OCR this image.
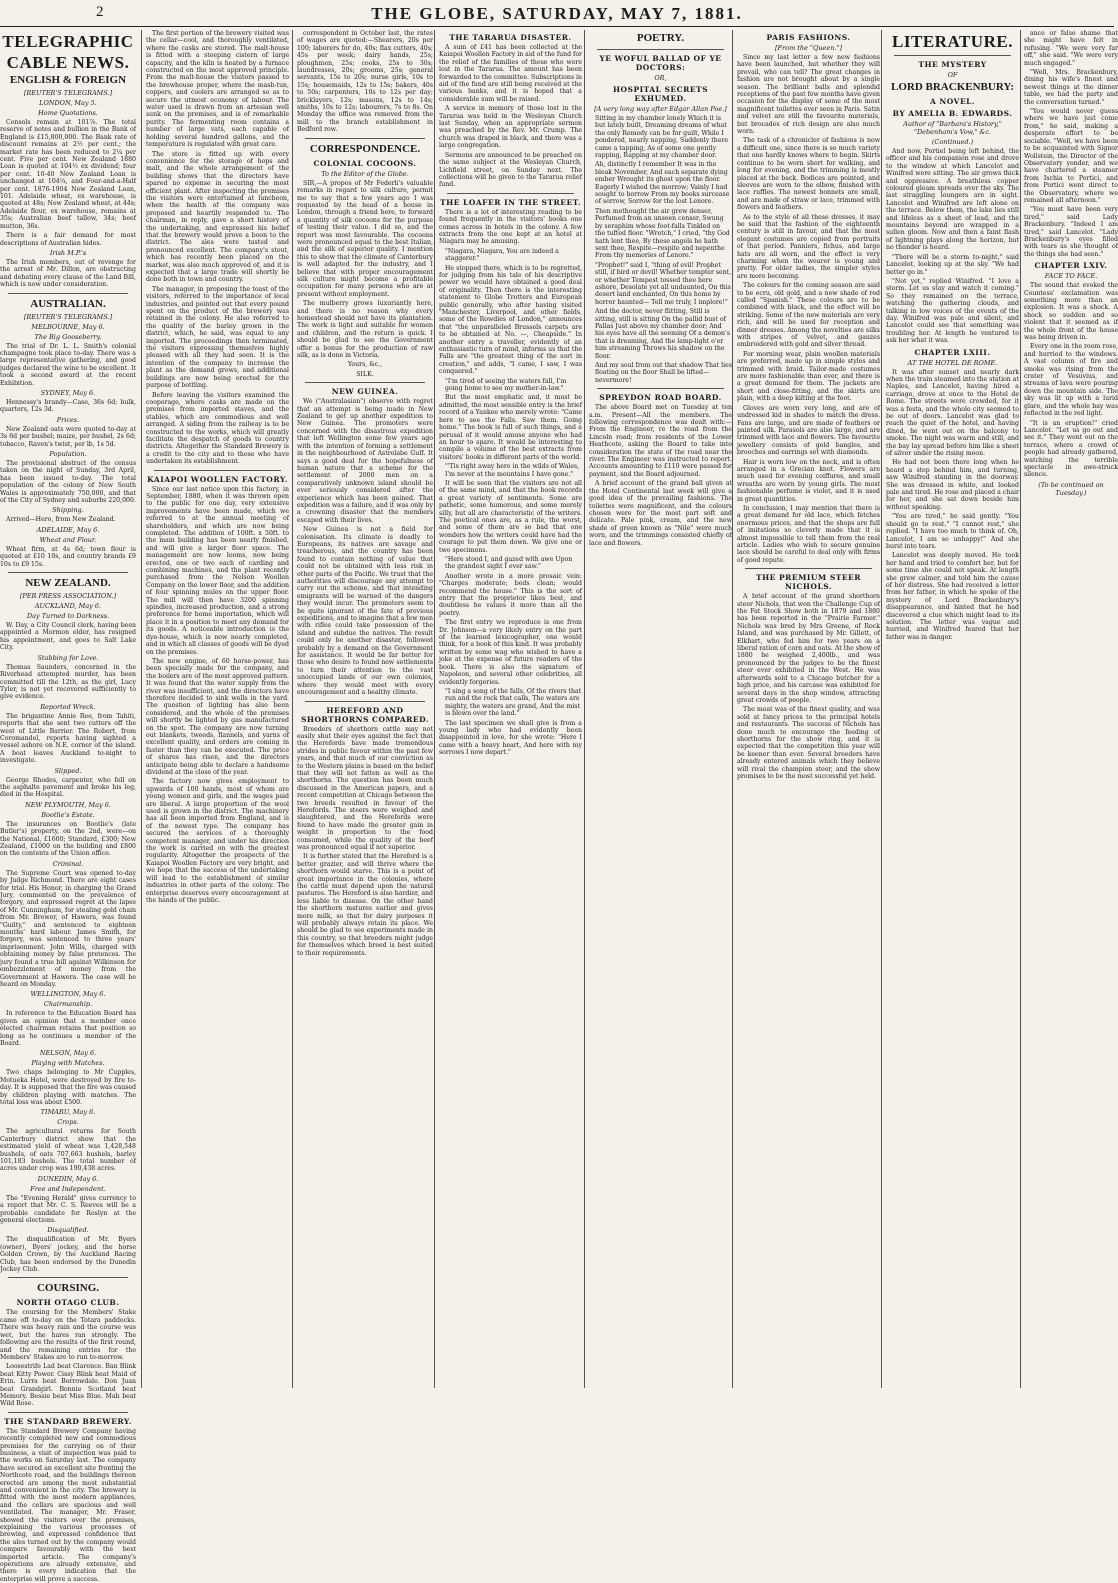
2	THE GLOBE, SATURDAY, MAY 7, 1881.
TELEGRAPHIC
CABLE NEWS.
ENGLISH & FOREIGN
[REUTER'S TELEGRAMS.]
LONDON, May 5.
Home Quotations.

Consols remain at 101⅞. The total reserve of notes and bullion in the Bank of England is £15,800,000. The Bank rate of discount remains at 2½ per cent.; the market rate has been reduced to 2¼ per cent. Five per cent. New Zealand 1880 Loan is quoted at 104½ ex dividend; four per cent. 10-40 New Zealand Loan is unchanged at 104¼, and Four-and-a-Half per cent. 1876-1904 New Zealand Loan, 101. Adelaide wheat, ex warehouse, is quoted at 48s; New Zealand wheat, at 44s; Adelaide flour, ex warehouse, remains at 35s; Australian beef tallow, 34s; beef mutton, 36s.

There is a fair demand for most descriptions of Australian hides.

Irish M.P.'s

The Irish members, out of revenge for the arrest of Mr. Dillon, are obstructing and debating every clause of the Land Bill, which is now under consideration.

AUSTRALIAN.
[REUTER'S TELEGRAMS.]
MELBOURNE, May 6.
The Big Gooseberry.

The trial of Dr. L. L. Smith's colonial champagne took place to-day. There was a large representative gathering, and good judges declared the wine to be excellent. It took a second award at the recent Exhibition.

SYDNEY, May 6.

Hennessy's brandy—Case, 36s 6d; bulk, quarters, 12s 3d.

Prices.

New Zealand oats were quoted to-day at 3s 6d per bushel; maize, per bushel, 2s 6d; tobacco, Raven's twist, per lb, 1s 5d.

Population.

The provisional abstract of the census taken on the night of Sunday, 3rd April, has been issued to-day. The total population of the colony of New South Wales is approximately 750,000, and that of the City of Sydney and suburbs 220,000.

Shipping.

Arrived—Hero, from New Zealand.

ADELAIDE, May 6.
Wheat and Flour.

Wheat firm, at 4s 6d; town flour is quoted at £10 10s, and country brands £9 10s to £9 15s.

NEW ZEALAND.
[PER PRESS ASSOCIATION.]
AUCKLAND, May 6.
Day Turned to Darkness.

W. Day, a City Council clerk, having been appointed a Mormon elder, has resigned his appointment, and goes to Salt Lake City.

Stabbing for Love.

Thomas Saunders, concerned in the Riverhead attempted murder, has been committed till the 12th, as the girl, Lucy Tyler, is not yet recovered sufficiently to give evidence.

Reported Wreck.

The brigantine Annie Ree, from Tahiti, reports that she sent two cutters off the west of Little Barrier. The Robert, from Coromandel, reports having sighted a vessel ashore on N.E. corner of the island. A boat leaves Auckland to-night to investigate.

Slipped.

George Rhodes, carpenter, who fell on the asphalte pavement and broke his leg, died in the Hospital.

NEW PLYMOUTH, May 6.
Bootlie's Estate.

The insurances on Bootlie's (late Butler's) property, on the 2nd, were—on the National, £1600; Standard, £300; New Zealand, £1000 on the building and £800 on the contents of the Union office.

Criminal.

The Supreme Court was opened to-day by Judge Richmond. There are eight cases for trial. His Honor, in charging the Grand Jury, commented on the prevalence of forgery, and expressed regret at the lapse of Mr. Cunningham, for stealing gold chain from Mr. Brewer, of Hawera, was found "Guilty," and sentenced to eighteen months' hard labour. James Smith, for forgery, was sentenced to three years' imprisonment. John Wills, charged with obtaining money by false pretences. The jury found a true bill against Wilkinson for embezzlement of money from the Government at Hawera. The case will be heard on Monday.

WELLINGTON, May 6.
Chairmanship.

In reference to the Education Board has given an opinion that a member once elected chairman retains that position so long as he continues a member of the Board.

NELSON, May 6.
Playing with Matches.

Two chaps belonging to Mr Cupples, Motueka Hotel, were destroyed by fire to-day. It is supposed that the fire was caused by children playing with matches. The total loss was about £500.

TIMARU, May 6.
Crops.

The agricultural returns for South Canterbury district show that the estimated yield of wheat was 1,428,548 bushels, of oats 707,663 bushels, barley 101,183 bushels. The total number of acres under crop was 190,438 acres.

DUNEDIN, May 6.
Free and Independent.

The "Evening Herald" gives currency to a report that Mr. C. S. Reeves will be a probable candidate for Roslyn at the general elections.

Disqualified.

The disqualification of Mr. Byers (owner), Byers' jockey, and the horse Golden Crown, by the Auckland Racing Club, has been endorsed by the Dunedin Jockey Club.

COURSING.
NORTH OTAGO CLUB.

The coursing for the Members' Stake came off to-day on the Totara paddocks. There was heavy rain and the course was wet, but the hares ran strongly. The following are the results of the first round, and the remaining entries for the Members' Stakes are to run to-morrow.

Loosestrife Lad beat Clarence. Ban Blink beat Kitty Power. Cissy Blink beat Maid of Erin. Lurra beat Borrowdale. Don Juan beat Grandgirl. Bonnie Scotland beat Memory. Bessie beat Miss Blue. Mab beat Wild Rose.

THE STANDARD BREWERY.

The Standard Brewery Company having recently completed new and commodious premises for the carrying on of their business, a visit of inspection was paid to the works on Saturday last. The company have secured an excellent site fronting the Northcote road, and the buildings thereon erected are among the most substantial and convenient in the city. The brewery is fitted with the most modern appliances, and the cellars are spacious and well ventilated. The manager, Mr. Fraser, showed the visitors over the premises, explaining the various processes of brewing, and expressed confidence that the ales turned out by the company would compare favourably with the best imported article. The company's operations are already extensive, and there is every indication that the enterprise will prove a success.

The first portion of the brewery visited was the cellar—cool, and thoroughly ventilated, where the casks are stored. The malt-house is fitted with a steeping cistern of large capacity, and the kiln is heated by a furnace constructed on the most approved principle. From the malt-house the visitors passed to the brewhouse proper, where the mash-tun, coppers, and coolers are arranged so as to secure the utmost economy of labour. The water used is drawn from an artesian well sunk on the premises, and is of remarkable purity. The fermenting room contains a number of large vats, each capable of holding several hundred gallons, and the temperature is regulated with great care.

The store is fitted up with every convenience for the storage of hops and malt, and the whole arrangement of the building shows that the directors have spared no expense in securing the most efficient plant. After inspecting the premises the visitors were entertained at luncheon, when the health of the company was proposed and heartily responded to. The chairman, in reply, gave a short history of the undertaking, and expressed his belief that the brewery would prove a boon to the district. The ales were tasted and pronounced excellent. The company's stout, which has recently been placed on the market, was also much approved of, and it is expected that a large trade will shortly be done both in town and country.

The manager, in proposing the toast of the visitors, referred to the importance of local industries, and pointed out that every pound spent on the product of the brewery was retained in the colony. He also referred to the quality of the barley grown in the district, which, he said, was equal to any imported. The proceedings then terminated, the visitors expressing themselves highly pleased with all they had seen. It is the intention of the company to increase the plant as the demand grows, and additional buildings are now being erected for the purpose of bottling.

Before leaving the visitors examined the cooperage, where casks are made on the premises from imported staves, and the stables, which are commodious and well arranged. A siding from the railway is to be constructed to the works, which will greatly facilitate the despatch of goods to country districts. Altogether the Standard Brewery is a credit to the city and to those who have undertaken its establishment.

KAIAPOI WOOLLEN FACTORY.

Since our last notice upon this factory, in September, 1880, when it was thrown open to the public for one day, very extensive improvements have been made, which we referred to at the annual meeting of shareholders, and which are now being completed. The addition of 100ft. x 50ft. to the main building has been nearly finished, and will give a larger floor space. The management are now looms, now being erected, one or two each of carding and combining machines, and the plant recently purchased from the Nelson Woollen Company on the lower floor, and the addition of four spinning mules on the upper floor. The mill will then have 3200 spinning spindles, increased production, and a strong preference for home importation, which will place it in a position to meet any demand for its goods. A noticeable introduction is the dye-house, which is now nearly completed, and in which all classes of goods will be dyed on the premises.

The new engine, of 60 horse-power, has been specially made for the company, and the boilers are of the most approved pattern. It was found that the water supply from the river was insufficient, and the directors have therefore decided to sink wells in the yard. The question of lighting has also been considered, and the whole of the premises will shortly be lighted by gas manufactured on the spot. The company are now turning out blankets, tweeds, flannels, and yarns of excellent quality, and orders are coming in faster than they can be executed. The price of shares has risen, and the directors anticipate being able to declare a handsome dividend at the close of the year.

The factory now gives employment to upwards of 100 hands, most of whom are young women and girls, and the wages paid are liberal. A large proportion of the wool used is grown in the district. The machinery has all been imported from England, and is of the newest type. The company has secured the services of a thoroughly competent manager, and under his direction the work is carried on with the greatest regularity. Altogether the prospects of the Kaiapoi Woollen Factory are very bright, and we hope that the success of the undertaking will lead to the establishment of similar industries in other parts of the colony. The enterprise deserves every encouragement at the hands of the public.

correspondent in October last, the rates of wages are quoted:—Shearers, 20s per 100; laborers for do, 40s; flax cutters, 40s; 45s per week; dairy hands, 25s; ploughmen, 25s; cooks, 25s to 30s; laundresses, 20s; grooms, 25s; general servants, 15s to 20s; nurse girls, 10s to 15s; housemaids, 12s to 15s; bakers, 40s to 50s; carpenters, 10s to 12s per day; bricklayers, 12s; masons, 12s to 14s; smiths, 10s to 12s; labourers, 7s to 8s. On Monday the office was removed from the mill to the branch establishment in Bedford row.

CORRESPONDENCE.
COLONIAL COCOONS.
To the Editor of the Globe.

SIR,—A propos of Mr Federli's valuable remarks in regard to silk culture, permit me to say that a few years ago I was requested by the head of a house in London, through a friend here, to forward a quantity of silk cocoons for the purpose of testing their value. I did so, and the report was most favourable. The cocoons were pronounced equal to the best Italian, and the silk of superior quality. I mention this to show that the climate of Canterbury is well adapted for the industry, and I believe that with proper encouragement silk culture might become a profitable occupation for many persons who are at present without employment.

The mulberry grows luxuriantly here, and there is no reason why every homestead should not have its plantation. The work is light and suitable for women and children, and the return is quick. I should be glad to see the Government offer a bonus for the production of raw silk, as is done in Victoria.

Yours, &c.,

SILK.

NEW GUINEA.

We ("Australasian") observe with regret that an attempt is being made in New Zealand to get up another expedition to New Guinea. The promoters were concerned with the disastrous expedition that left Wellington some few years ago with the intention of forming a settlement in the neighbourhood of Astrolabe Gulf. It says a good deal for the hopefulness of human nature that a scheme for the settlement of 2000 men on a comparatively unknown island should be ever seriously considered after the experience which has been gained. That expedition was a failure, and it was only by a crowning disaster that the members escaped with their lives.

New Guinea is not a field for colonisation. Its climate is deadly to Europeans, its natives are savage and treacherous, and the country has been found to contain nothing of value that could not be obtained with less risk in other parts of the Pacific. We trust that the authorities will discourage any attempt to carry out the scheme, and that intending emigrants will be warned of the dangers they would incur. The promoters seem to be quite ignorant of the fate of previous expeditions, and to imagine that a few men with rifles could take possession of the island and subdue the natives. The result could only be another disaster, followed probably by a demand on the Government for assistance. It would be far better for those who desire to found new settlements to turn their attention to the vast unoccupied lands of our own colonies, where they would meet with every encouragement and a healthy climate.

HEREFORD AND SHORTHORNS COMPARED.

Breeders of shorthorn cattle may not easily shut their eyes against the fact that the Herefords have made tremendous strides in public favour within the past few years, and that much of our conviction as to the Western plains is based on the belief that they will not fatten as well as the shorthorns. The question has been much discussed in the American papers, and a recent competition at Chicago between the two breeds resulted in favour of the Herefords. The steers were weighed and slaughtered, and the Herefords were found to have made the greater gain in weight in proportion to the food consumed, while the quality of the beef was pronounced equal if not superior.

It is further stated that the Hereford is a better grazier, and will thrive where the shorthorn would starve. This is a point of great importance in the colonies, where the cattle must depend upon the natural pastures. The Hereford is also hardier, and less liable to disease. On the other hand the shorthorn matures earlier and gives more milk, so that for dairy purposes it will probably always retain its place. We should be glad to see experiments made in this country, so that breeders might judge for themselves which breed is best suited to their requirements.

THE TARARUA DISASTER.

A sum of £41 has been collected at the Kaiapoi Woollen Factory in aid of the fund for the relief of the families of those who were lost in the Tararua. The amount has been forwarded to the committee. Subscriptions in aid of the fund are still being received at the various banks, and it is hoped that a considerable sum will be raised.

A service in memory of those lost in the Tararua was held in the Wesleyan Church last Sunday, when an appropriate sermon was preached by the Rev. Mr. Crump. The church was draped in black, and there was a large congregation.

Sermons are announced to be preached on the same subject at the Wesleyan Church, Lichfield street, on Sunday next. The collections will be given to the Tararua relief fund.

THE LOAFER IN THE STREET.

There is a lot of interesting reading to be found frequently in the visitors' books one comes across in hotels in the colony. A few extracts from the one kept at an hotel at Niagara may be amusing.

"Niagara, Niagara, You are indeed a staggerer."

He stopped there, which is to be regretted, for judging from his tale of his descriptive power we would have obtained a good deal of originality. Then there is the interesting statement to Globe Trotters and European public generally, who after having visited "Manchester, Liverpool, and other fields, some of the Rowdies of London," announces that "the unparalleled Brussels carpets are to be obtained at No. —, Cheapside." In another entry a traveller, evidently of an enthusiastic turn of mind, informs us that the Falls are "the greatest thing of the sort in creation," and adds, "I came, I saw, I was conquered."

"I'm tired of seeing the waters fall, I'm going home to see my mother-in-law."

But the most emphatic and, it must be admitted, the most sensible entry is the brief record of a Yankee who merely wrote: "Came here to see the Falls. Saw them. Going home." The book is full of such things, and a perusal of it would amuse anyone who had an hour to spare. It would be interesting to compile a volume of the best extracts from visitors' books in different parts of the world.

"'Tis right away here in the wilds of Wales, I'm never at the mountains I have gone."

It will be seen that the visitors are not all of the same mind, and that the book records a great variety of sentiments. Some are pathetic, some humorous, and some merely silly, but all are characteristic of the writers. The poetical ones are, as a rule, the worst, and some of them are so bad that one wonders how the writers could have had the courage to put them down. We give one or two specimens.

"Here stood I, and gazed with awe Upon the grandest sight I ever saw."

Another wrote in a more prosaic vein: "Charges moderate; beds clean; would recommend the house." This is the sort of entry that the proprietor likes best, and doubtless he values it more than all the poetry.

The first entry we reproduce is one from Dr. Johnson—a very likely entry on the part of the learned lexicographer, one would think, for a book of this kind. It was probably written by some wag who wished to have a joke at the expense of future readers of the book. There is also the signature of Napoleon, and several other celebrities, all evidently forgeries.

"I sing a song of the falls, Of the rivers that run and the rock that calls, The waters are mighty, the waters are grand, And the mist is blown over the land."

The last specimen we shall give is from a young lady who had evidently been disappointed in love, for she wrote: "Here I came with a heavy heart, And here with my sorrows I now depart."

POETRY.
YE WOFUL BALLAD OF YE DOCTORS:
OR,
HOSPITAL SECRETS EXHUMED.
[A very long way after Edgar Allan Poe.]

Sitting in my chamber lonely Which it is but lately built, Dreaming dreams of what the only Remedy can be for guilt, While I pondered, nearly napping, Suddenly there came a tapping, As of some one gently rapping, Rapping at my chamber door.

Ah, distinctly I remember It was in the bleak November, And each separate dying ember Wrought its ghost upon the floor. Eagerly I wished the morrow; Vainly I had sought to borrow From my books surcease of sorrow, Sorrow for the lost Lenore.

Then methought the air grew denser, Perfumed from an unseen censer, Swung by seraphim whose foot-falls Tinkled on the tufted floor. "Wretch," I cried, "thy God hath lent thee, By these angels he hath sent thee, Respite—respite and nepenthe From thy memories of Lenore."

"Prophet!" said I, "thing of evil! Prophet still, if bird or devil! Whether tempter sent, or whether Tempest tossed thee here ashore, Desolate yet all undaunted, On this desert land enchanted, On this home by horror haunted— Tell me truly, I implore!"

And the doctor, never flitting, Still is sitting, still is sitting On the pallid bust of Pallas Just above my chamber door; And his eyes have all the seeming Of a demon's that is dreaming, And the lamp-light o'er him streaming Throws his shadow on the floor.

And my soul from out that shadow That lies floating on the floor Shall be lifted—nevermore!

SPREYDON ROAD BOARD.

The above Board met on Tuesday at ten a.m. Present—All the members. The following correspondence was dealt with:—From the Engineer, re the road from the Lincoln road; from residents of the Lower Heathcote, asking the Board to take into consideration the state of the road near the river. The Engineer was instructed to report. Accounts amounting to £110 were passed for payment, and the Board adjourned.

A brief account of the grand ball given at the Hotel Continental last week will give a good idea of the prevailing fashions. The toilettes were magnificent, and the colours chosen were for the most part soft and delicate. Pale pink, cream, and the new shade of green known as "Nile" were much worn, and the trimmings consisted chiefly of lace and flowers.

PARIS FASHIONS.
[From the "Queen."]

Since my last letter a few new fashions have been launched, but whether they will prevail, who can tell? The great changes in fashion are not brought about by a single season. The brilliant balls and splendid receptions of the past few months have given occasion for the display of some of the most magnificent toilettes ever seen in Paris. Satin and velvet are still the favourite materials, but brocades of rich design are also much worn.

The task of a chronicler of fashions is now a difficult one, since there is so much variety that one hardly knows where to begin. Skirts continue to be worn short for walking, and long for evening, and the trimming is mostly placed at the back. Bodices are pointed, and sleeves are worn to the elbow, finished with lace ruffles. The newest bonnets are small, and are made of straw or lace, trimmed with flowers and feathers.

As to the style of all these dresses, it may be said that the fashion of the eighteenth century is still in favour, and that the most elegant costumes are copied from portraits of that period. Panniers, fichus, and large hats are all worn, and the effect is very charming when the wearer is young and pretty. For older ladies, the simpler styles are more becoming.

The colours for the coming season are said to be ecru, old gold, and a new shade of red called "Spanish." These colours are to be combined with black, and the effect will be striking. Some of the new materials are very rich, and will be used for reception and dinner dresses. Among the novelties are silks with stripes of velvet, and gauzes embroidered with gold and silver thread.

For morning wear, plain woollen materials are preferred, made up in simple styles and trimmed with braid. Tailor-made costumes are more fashionable than ever, and there is a great demand for them. The jackets are short and close-fitting, and the skirts are plain, with a deep kilting at the foot.

Gloves are worn very long, and are of undressed kid in shades to match the dress. Fans are large, and are made of feathers or painted silk. Parasols are also large, and are trimmed with lace and flowers. The favourite jewellery consists of gold bangles, and brooches and earrings set with diamonds.

Hair is worn low on the neck, and is often arranged in a Grecian knot. Flowers are much used for evening coiffures, and small wreaths are worn by young girls. The most fashionable perfume is violet, and it is used in great quantities.

In conclusion, I may mention that there is a great demand for old lace, which fetches enormous prices, and that the shops are full of imitations so cleverly made that it is almost impossible to tell them from the real article. Ladies who wish to secure genuine lace should be careful to deal only with firms of good repute.

THE PREMIUM STEER NICHOLS.

A brief account of the grand shorthorn steer Nichols, that won the Challenge Cup of the Fat Stock Show both in 1879 and 1880 has been reported in the "Prairie Farmer." Nichols was bred by Mrs Greene, of Rock Island, and was purchased by Mr. Gillett, of Elkhart, who fed him for two years on a liberal ration of corn and oats. At the show of 1880 he weighed 2,400lb., and was pronounced by the judges to be the finest steer ever exhibited in the West. He was afterwards sold to a Chicago butcher for a high price, and his carcase was exhibited for several days in the shop window, attracting great crowds of people.

The meat was of the finest quality, and was sold at fancy prices to the principal hotels and restaurants. The success of Nichols has done much to encourage the feeding of shorthorns for the show ring, and it is expected that the competition this year will be keener than ever. Several breeders have already entered animals which they believe will rival the champion steer, and the show promises to be the most successful yet held.

LITERATURE.
THE MYSTERY
OF
LORD BRACKENBURY:
A NOVEL.
BY AMELIA B. EDWARDS.
Author of "Barbara's History," "Debenham's Vow," &c.
(Continued.)

And now, Portiel being left behind, the officer and his companion rose and drove to the window at which Lancelot and Winifred were sitting. The air grows thick and oppressive. A breathless copper coloured gleam spreads over the sky. The last straggling loungers are in sight. Lancelot and Winifred are left alone on the terrace. Below them, the lake lies still and lifeless as a sheet of lead, and the mountains beyond are wrapped in a sullen gloom. Now and then a faint flash of lightning plays along the horizon, but no thunder is heard.

"There will be a storm to-night," said Lancelot, looking up at the sky. "We had better go in."

"Not yet," replied Winifred. "I love a storm. Let us stay and watch it coming." So they remained on the terrace, watching the gathering clouds, and talking in low voices of the events of the day. Winifred was pale and silent, and Lancelot could see that something was troubling her. At length he ventured to ask her what it was.

CHAPTER LXIII.
AT THE HOTEL DE ROME.

It was after sunset and nearly dark when the train steamed into the station at Naples, and Lancelot, having hired a carriage, drove at once to the Hotel de Rome. The streets were crowded, for it was a festa, and the whole city seemed to be out of doors. Lancelot was glad to reach the quiet of the hotel, and having dined, he went out on the balcony to smoke. The night was warm and still, and the bay lay spread before him like a sheet of silver under the rising moon.

He had not been there long when he heard a step behind him, and turning, saw Winifred standing in the doorway. She was dressed in white, and looked pale and tired. He rose and placed a chair for her, and she sat down beside him without speaking.

"You are tired," he said gently. "You should go to rest." "I cannot rest," she replied. "I have too much to think of. Oh, Lancelot, I am so unhappy!" And she burst into tears.

Lancelot was deeply moved. He took her hand and tried to comfort her, but for some time she could not speak. At length she grew calmer, and told him the cause of her distress. She had received a letter from her father, in which he spoke of the mystery of Lord Brackenbury's disappearance, and hinted that he had discovered a clue which might lead to its solution. The letter was vague and hurried, and Winifred feared that her father was in danger.

ance or false shame that she might have felt in refusing. "We were very far off," she said. "We were very much engaged."

"Well, Mrs. Brackenbury, dining his wife's finest and newest things at the dinner table, we had the party and the conversation turned."

"You would never guess where we have just come from," he said, making a desperate effort to be sociable. "Well, we have been to be acquainted with Signor Wollstein, the Director of the Observatory yonder, and we have chartered a steamer from Ischia to Portici, and from Portici went direct to the Observatory, where we remained all afternoon."

"You must have been very tired," said Lady Brackenbury. "Indeed I am tired," said Lancelot. "Lady Brackenbury's eyes filled with tears as she thought of the things she had seen."

CHAPTER LXIV.
FACE TO FACE.

The sound that evoked the Countess' exclamation was something more than an explosion. It was a shock. A shock so sudden and so violent that it seemed as if the whole front of the house was being driven in.

Every one in the room rose, and hurried to the windows. A vast column of fire and smoke was rising from the crater of Vesuvius, and streams of lava were pouring down the mountain side. The sky was lit up with a lurid glare, and the whole bay was reflected in the red light.

"It is an eruption!" cried Lancelot. "Let us go out and see it." They went out on the terrace, where a crowd of people had already gathered, watching the terrible spectacle in awe-struck silence.

(To be continued on Tuesday.)
